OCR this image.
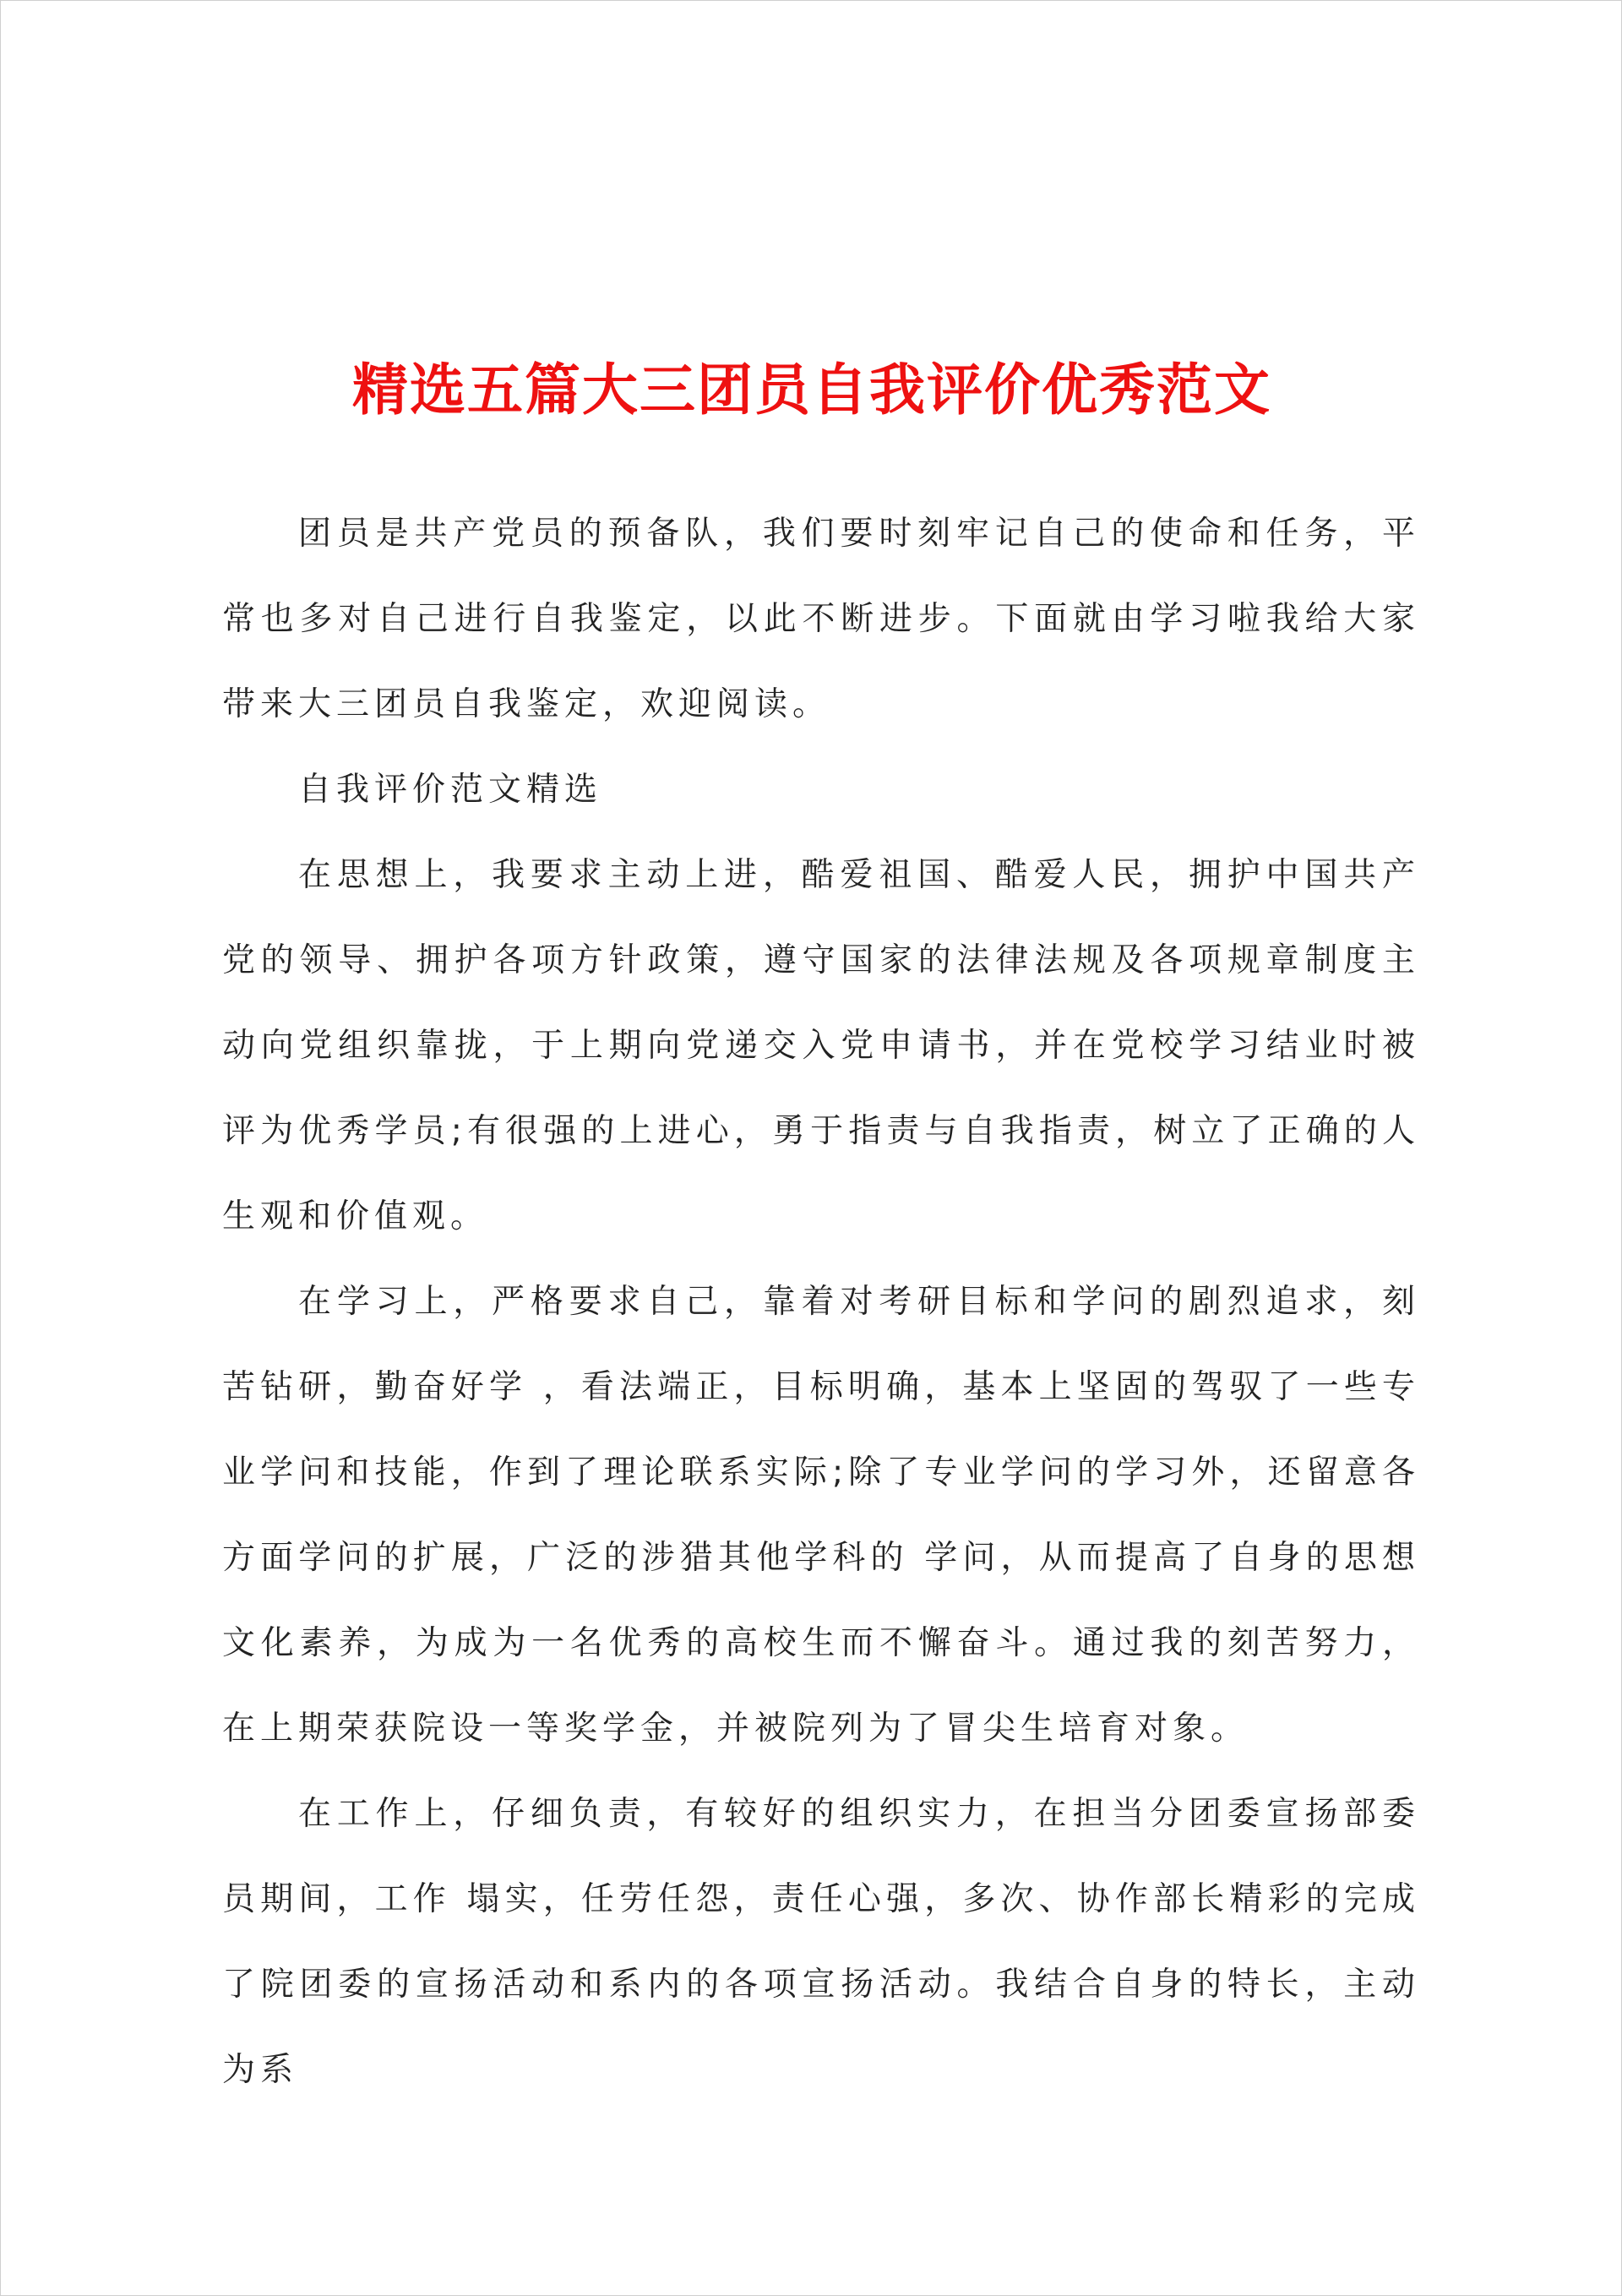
精选五篇大三团员自我评价优秀范文

团员是共产党员的预备队，我们要时刻牢记自己的使命和任务，平常也多对自己进行自我鉴定，以此不断进步。下面就由学习啦我给大家带来大三团员自我鉴定，欢迎阅读。

自我评价范文精选

在思想上，我要求主动上进，酷爱祖国、酷爱人民，拥护中国共产党的领导、拥护各项方针政策，遵守国家的法律法规及各项规章制度主动向党组织靠拢，于上期向党递交入党申请书，并在党校学习结业时被评为优秀学员;有很强的上进心，勇于指责与自我指责，树立了正确的人生观和价值观。

在学习上，严格要求自己，靠着对考研目标和学问的剧烈追求，刻苦钻研，勤奋好学 ，看法端正，目标明确，基本上坚固的驾驭了一些专业学问和技能，作到了理论联系实际;除了专业学问的学习外，还留意各方面学问的扩展，广泛的涉猎其他学科的 学问，从而提高了自身的思想文化素养，为成为一名优秀的高校生而不懈奋斗。通过我的刻苦努力，在上期荣获院设一等奖学金，并被院列为了冒尖生培育对象。

在工作上，仔细负责，有较好的组织实力，在担当分团委宣扬部委员期间，工作 塌实，任劳任怨，责任心强，多次、协作部长精彩的完成了院团委的宣扬活动和系内的各项宣扬活动。我结合自身的特长，主动为系
